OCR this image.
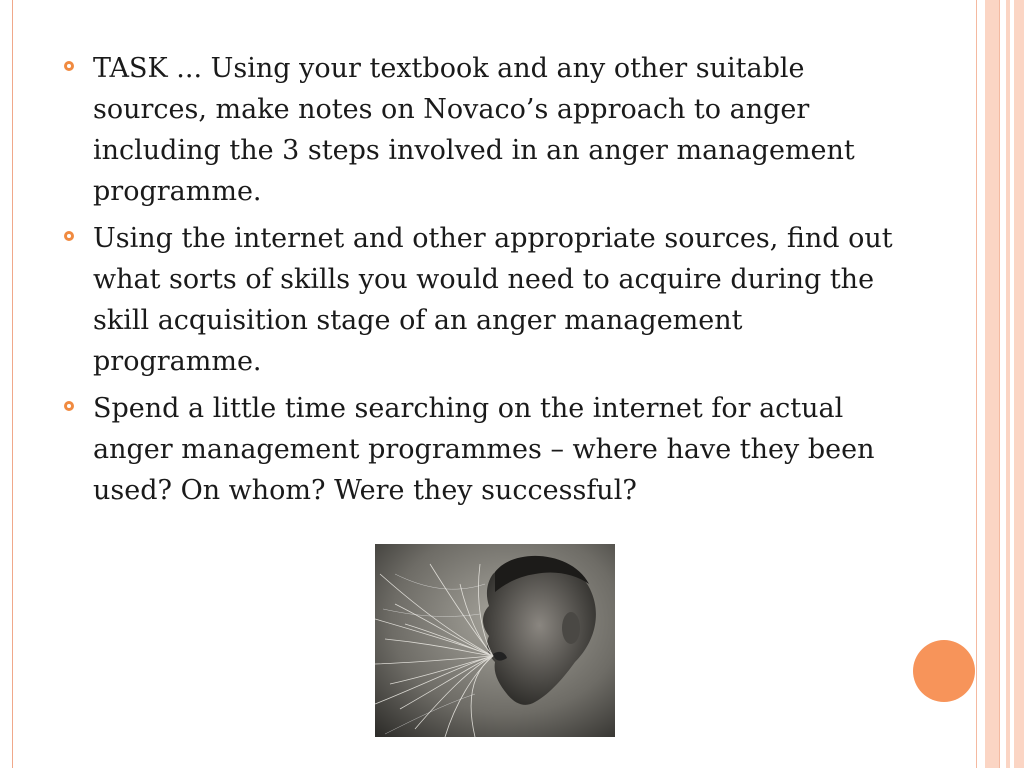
TASK ... Using your textbook and any other suitable sources, make notes on Novaco’s approach to anger including the 3 steps involved in an anger management programme.
Using the internet and other appropriate sources, find out what sorts of skills you would need to acquire during the skill acquisition stage of an anger management programme.
Spend a little time searching on the internet for actual anger management programmes – where have they been used? On whom? Were they successful?
